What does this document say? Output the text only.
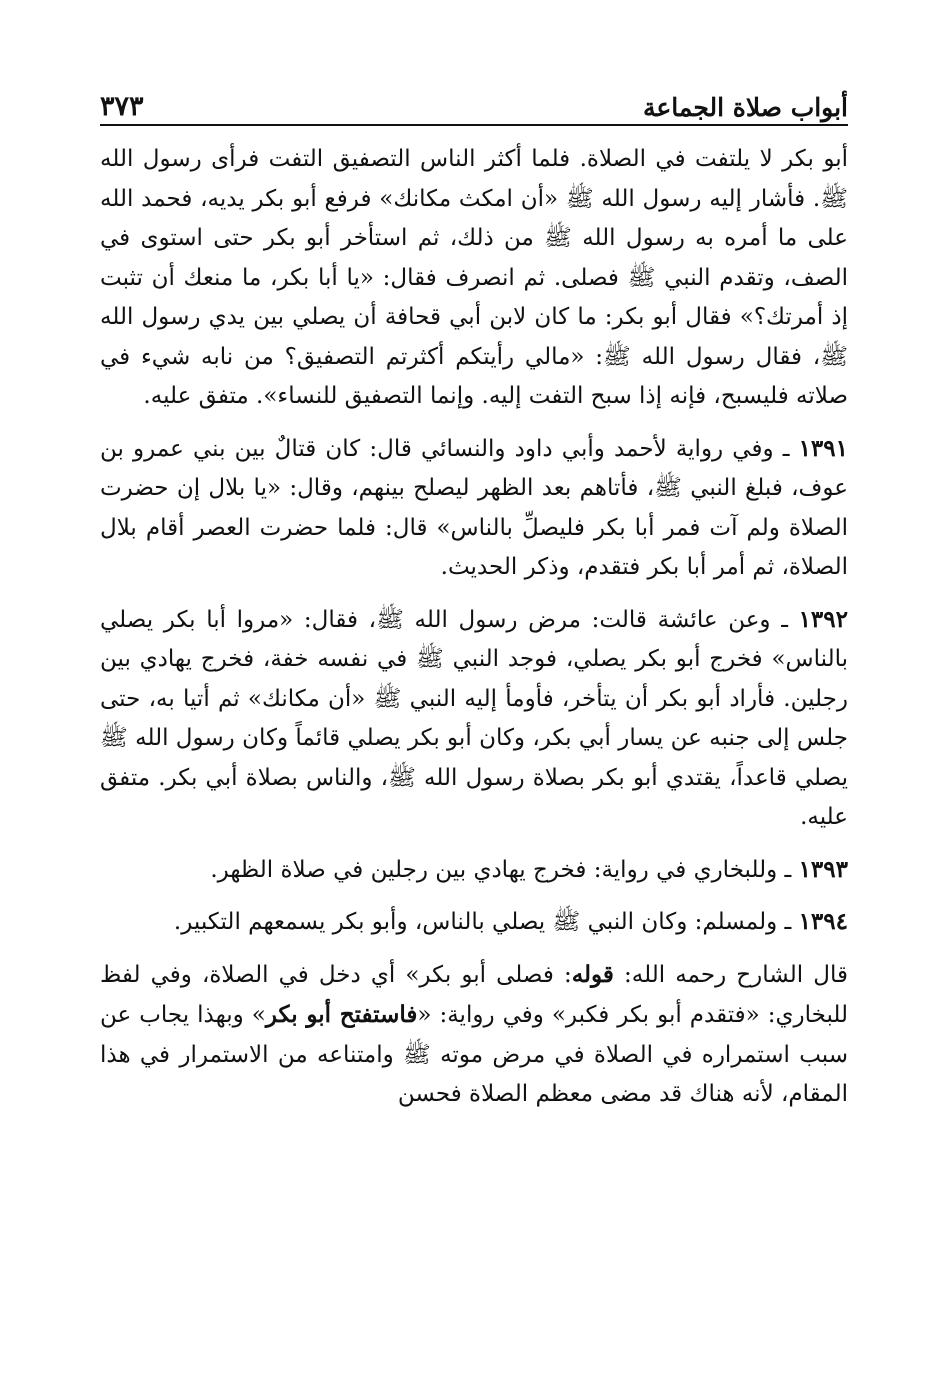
أبواب صلاة الجماعة
٣٧٣

أبو بكر لا يلتفت في الصلاة. فلما أكثر الناس التصفيق التفت فرأى رسول الله ﷺ. فأشار إليه رسول الله ﷺ «أن امكث مكانك» فرفع أبو بكر يديه، فحمد الله على ما أمره به رسول الله ﷺ من ذلك، ثم استأخر أبو بكر حتى استوى في الصف، وتقدم النبي ﷺ فصلى. ثم انصرف فقال: «يا أبا بكر، ما منعك أن تثبت إذ أمرتك؟» فقال أبو بكر: ما كان لابن أبي قحافة أن يصلي بين يدي رسول الله ﷺ، فقال رسول الله ﷺ: «مالي رأيتكم أكثرتم التصفيق؟ من نابه شيء في صلاته فليسبح، فإنه إذا سبح التفت إليه. وإنما التصفيق للنساء». متفق عليه.

١٣٩١ ـ وفي رواية لأحمد وأبي داود والنسائي قال: كان قتالٌ بين بني عمرو بن عوف، فبلغ النبي ﷺ، فأتاهم بعد الظهر ليصلح بينهم، وقال: «يا بلال إن حضرت الصلاة ولم آت فمر أبا بكر فليصلِّ بالناس» قال: فلما حضرت العصر أقام بلال الصلاة، ثم أمر أبا بكر فتقدم، وذكر الحديث.

١٣٩٢ ـ وعن عائشة قالت: مرض رسول الله ﷺ، فقال: «مروا أبا بكر يصلي بالناس» فخرج أبو بكر يصلي، فوجد النبي ﷺ في نفسه خفة، فخرج يهادي بين رجلين. فأراد أبو بكر أن يتأخر، فأومأ إليه النبي ﷺ «أن مكانك» ثم أتيا به، حتى جلس إلى جنبه عن يسار أبي بكر، وكان أبو بكر يصلي قائماً وكان رسول الله ﷺ يصلي قاعداً، يقتدي أبو بكر بصلاة رسول الله ﷺ، والناس بصلاة أبي بكر. متفق عليه.

١٣٩٣ ـ وللبخاري في رواية: فخرج يهادي بين رجلين في صلاة الظهر.

١٣٩٤ ـ ولمسلم: وكان النبي ﷺ يصلي بالناس، وأبو بكر يسمعهم التكبير.

قال الشارح رحمه الله: قوله: فصلى أبو بكر» أي دخل في الصلاة، وفي لفظ للبخاري: «فتقدم أبو بكر فكبر» وفي رواية: «فاستفتح أبو بكر» وبهذا يجاب عن سبب استمراره في الصلاة في مرض موته ﷺ وامتناعه من الاستمرار في هذا المقام، لأنه هناك قد مضى معظم الصلاة فحسن
